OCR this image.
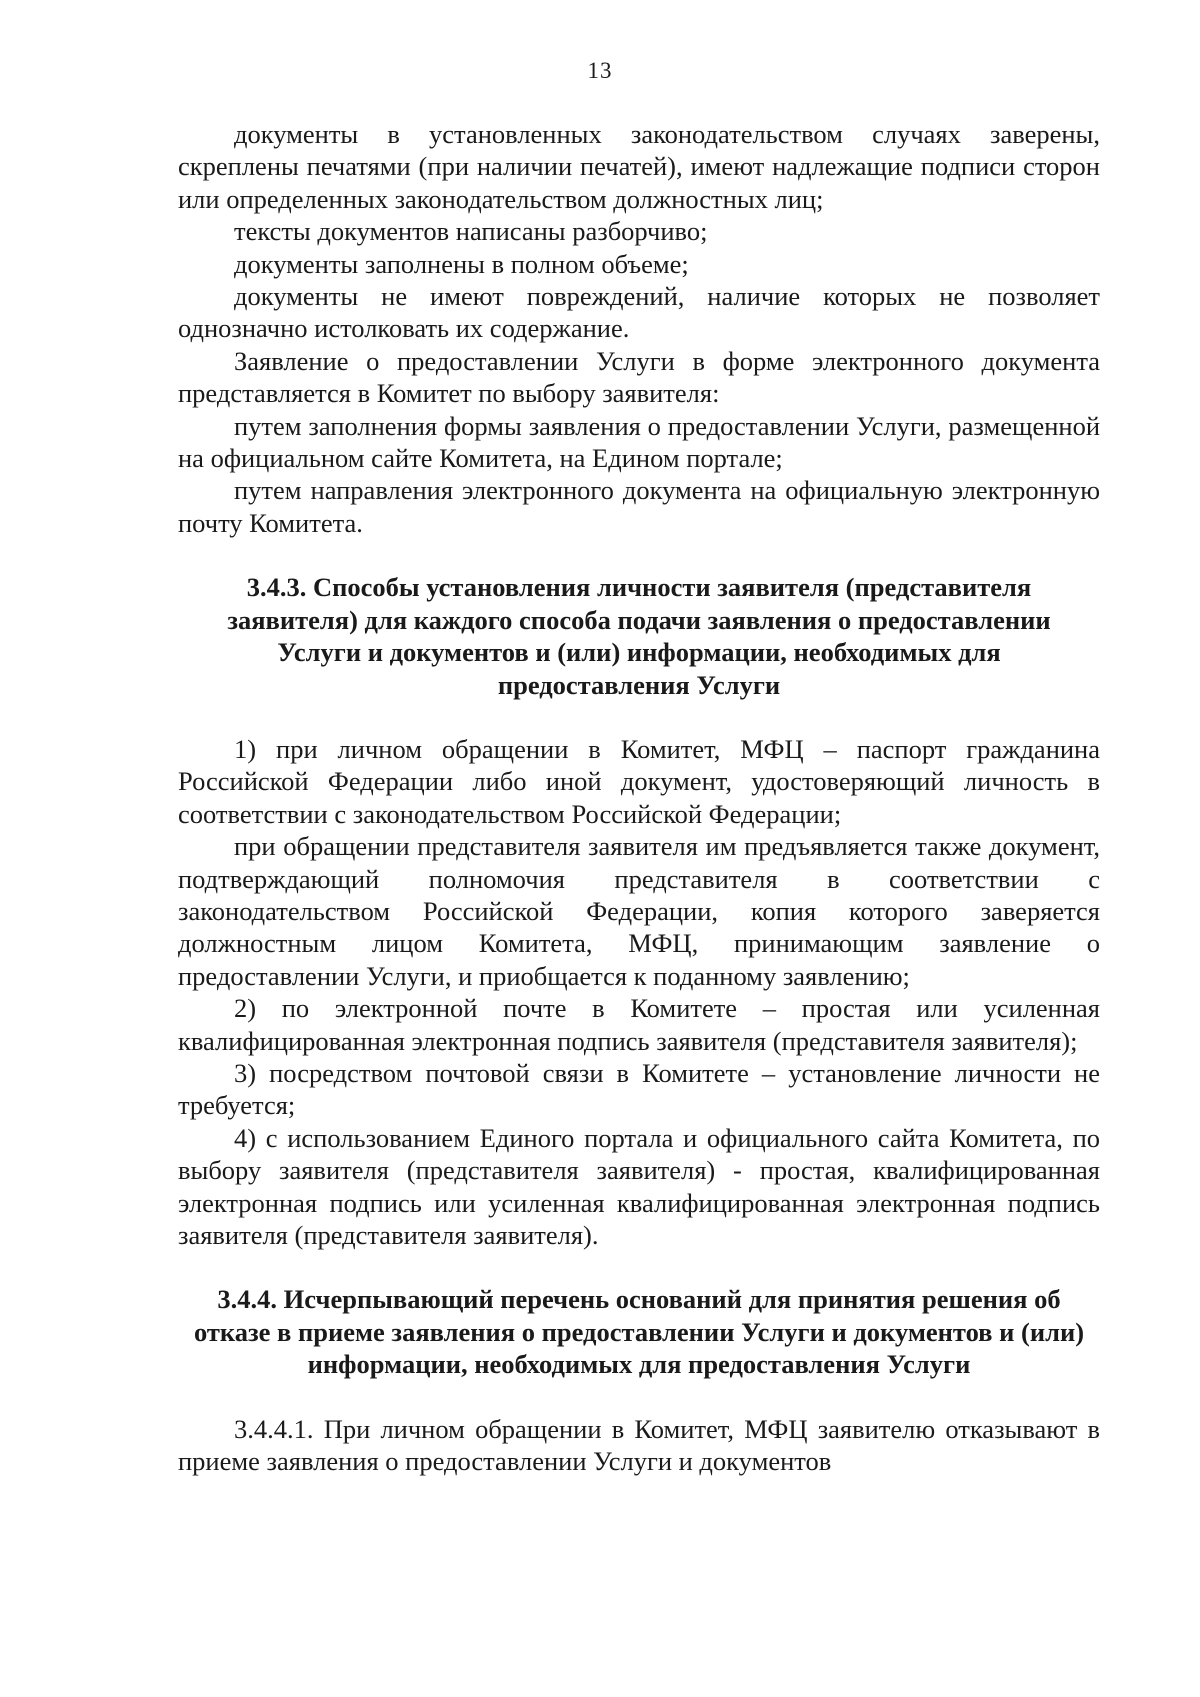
13

документы в установленных законодательством случаях заверены, скреплены печатями (при наличии печатей), имеют надлежащие подписи сторон или определенных законодательством должностных лиц;

тексты документов написаны разборчиво;

документы заполнены в полном объеме;

документы не имеют повреждений, наличие которых не позволяет однозначно истолковать их содержание.

Заявление о предоставлении Услуги в форме электронного документа представляется в Комитет по выбору заявителя:

путем заполнения формы заявления о предоставлении Услуги, размещенной на официальном сайте Комитета, на Едином портале;

путем направления электронного документа на официальную электронную почту Комитета.

3.4.3. Способы установления личности заявителя (представителя заявителя) для каждого способа подачи заявления о предоставлении Услуги и документов и (или) информации, необходимых для предоставления Услуги

1) при личном обращении в Комитет, МФЦ – паспорт гражданина Российской Федерации либо иной документ, удостоверяющий личность в соответствии с законодательством Российской Федерации;

при обращении представителя заявителя им предъявляется также документ, подтверждающий полномочия представителя в соответствии с законодательством Российской Федерации, копия которого заверяется должностным лицом Комитета, МФЦ, принимающим заявление о предоставлении Услуги, и приобщается к поданному заявлению;

2) по электронной почте в Комитете – простая или усиленная квалифицированная электронная подпись заявителя (представителя заявителя);

3) посредством почтовой связи в Комитете – установление личности не требуется;

4) с использованием Единого портала и официального сайта Комитета, по выбору заявителя (представителя заявителя) - простая, квалифицированная электронная подпись или усиленная квалифицированная электронная подпись заявителя (представителя заявителя).

3.4.4. Исчерпывающий перечень оснований для принятия решения об отказе в приеме заявления о предоставлении Услуги и документов и (или) информации, необходимых для предоставления Услуги

3.4.4.1. При личном обращении в Комитет, МФЦ заявителю отказывают в приеме заявления о предоставлении Услуги и документов
